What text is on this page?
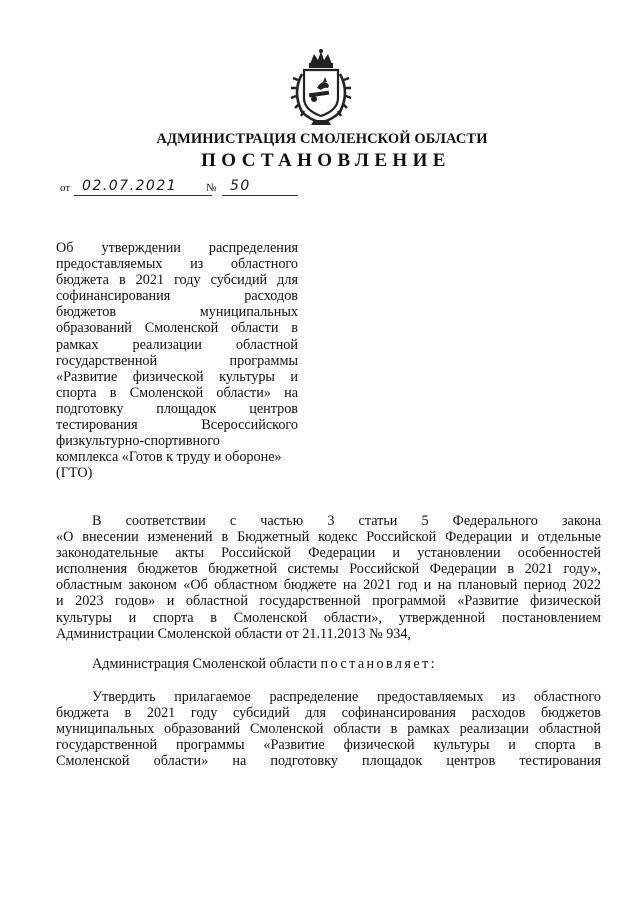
АДМИНИСТРАЦИЯ СМОЛЕНСКОЙ ОБЛАСТИ
ПОСТАНОВЛЕНИЕ
от 02.07.2021	№ 50
Об утверждении распределения
предоставляемых из областного
бюджета в 2021 году субсидий для
софинансирования расходов
бюджетов муниципальных
образований Смоленской области в
рамках реализации областной
государственной программы
«Развитие физической культуры и
спорта в Смоленской области» на
подготовку площадок центров
тестирования Всероссийского
физкультурно-спортивного
комплекса «Готов к труду и обороне»
(ГТО)
В соответствии с частью 3 статьи 5 Федерального закона
«О внесении изменений в Бюджетный кодекс Российской Федерации и отдельные
законодательные акты Российской Федерации и установлении особенностей
исполнения бюджетов бюджетной системы Российской Федерации в 2021 году»,
областным законом «Об областном бюджете на 2021 год и на плановый период 2022
и 2023 годов» и областной государственной программой «Развитие физической
культуры и спорта в Смоленской области», утвержденной постановлением
Администрации Смоленской области от 21.11.2013 № 934,
Администрация Смоленской области постановляет:
Утвердить прилагаемое распределение предоставляемых из областного
бюджета в 2021 году субсидий для софинансирования расходов бюджетов
муниципальных образований Смоленской области в рамках реализации областной
государственной программы «Развитие физической культуры и спорта в
Смоленской области» на подготовку площадок центров тестирования
